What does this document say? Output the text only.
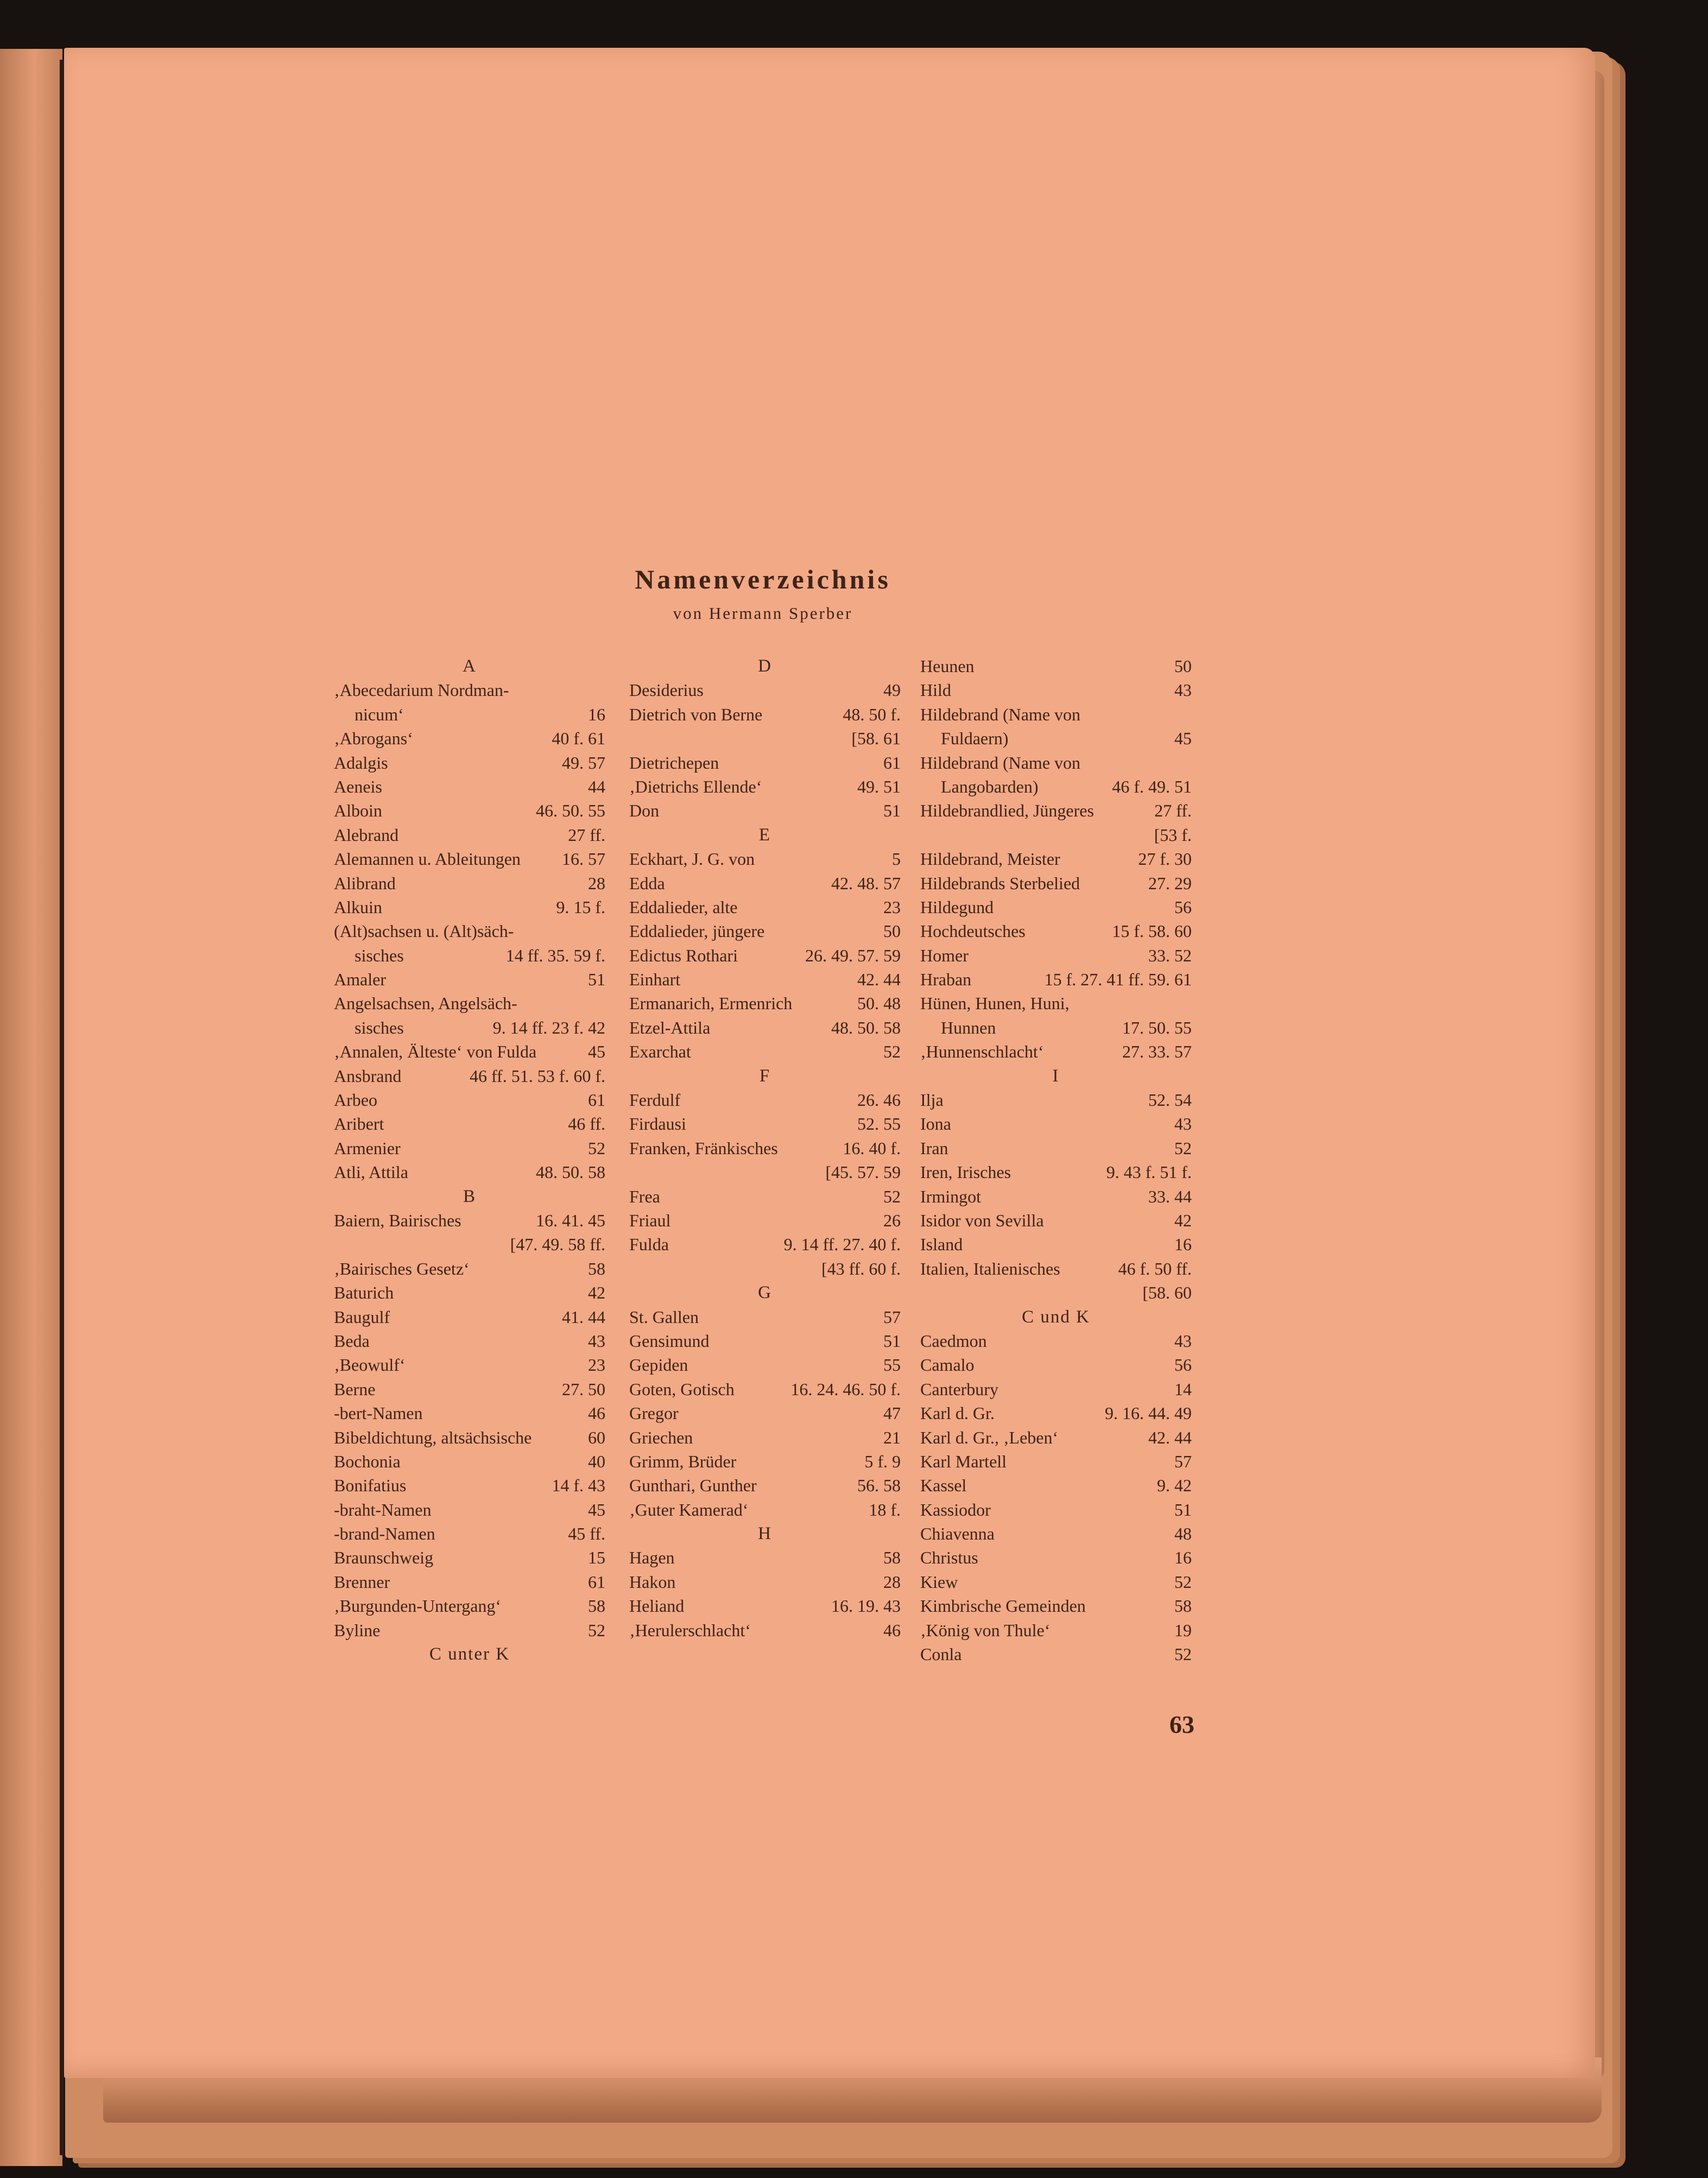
Namenverzeichnis
von Hermann Sperber
A
‚Abecedarium Nordman-
nicum‘	16
‚Abrogans‘	40 f. 61
Adalgis	49. 57
Aeneis	44
Alboin	46. 50. 55
Alebrand	27 ff.
Alemannen u. Ableitungen 16. 57
Alibrand	28
Alkuin	9. 15 f.
(Alt)sachsen u. (Alt)säch-
sisches	14 ff. 35. 59 f.
Amaler	51
Angelsachsen, Angelsäch-
sisches	9. 14 ff. 23 f. 42
‚Annalen, Älteste‘ von Fulda	45
Ansbrand	46 ff. 51. 53 f. 60 f.
Arbeo	61
Aribert	46 ff.
Armenier	52
Atli, Attila	48. 50. 58
B
Baiern, Bairisches	16. 41. 45
[47. 49. 58 ff.
‚Bairisches Gesetz‘	58
Baturich	42
Baugulf	41. 44
Beda	43
‚Beowulf‘	23
Berne	27. 50
-bert-Namen	46
Bibeldichtung, altsächsische	60
Bochonia	40
Bonifatius	14 f. 43
-braht-Namen	45
-brand-Namen	45 ff.
Braunschweig	15
Brenner	61
‚Burgunden-Untergang‘	58
Byline	52
C unter K
D
Desiderius	49
Dietrich von Berne	48. 50 f.
[58. 61
Dietrichepen	61
‚Dietrichs Ellende‘	49. 51
Don	51
E
Eckhart, J. G. von	5
Edda	42. 48. 57
Eddalieder, alte	23
Eddalieder, jüngere	50
Edictus Rothari	26. 49. 57. 59
Einhart	42. 44
Ermanarich, Ermenrich	50. 48
Etzel-Attila	48. 50. 58
Exarchat	52
F
Ferdulf	26. 46
Firdausi	52. 55
Franken, Fränkisches	16. 40 f.
[45. 57. 59
Frea	52
Friaul	26
Fulda	9. 14 ff. 27. 40 f.
[43 ff. 60 f.
G
St. Gallen	57
Gensimund	51
Gepiden	55
Goten, Gotisch	16. 24. 46. 50 f.
Gregor	47
Griechen	21
Grimm, Brüder	5 f. 9
Gunthari, Gunther	56. 58
‚Guter Kamerad‘	18 f.
H
Hagen	58
Hakon	28
Heliand	16. 19. 43
‚Herulerschlacht‘	46
Heunen	50
Hild	43
Hildebrand (Name von
Fuldaern)	45
Hildebrand (Name von
Langobarden)	46 f. 49. 51
Hildebrandlied, Jüngeres	27 ff.
[53 f.
Hildebrand, Meister	27 f. 30
Hildebrands Sterbelied	27. 29
Hildegund	56
Hochdeutsches	15 f. 58. 60
Homer	33. 52
Hraban	15 f. 27. 41 ff. 59. 61
Hünen, Hunen, Huni,
Hunnen	17. 50. 55
‚Hunnenschlacht‘	27. 33. 57
I
Ilja	52. 54
Iona	43
Iran	52
Iren, Irisches	9. 43 f. 51 f.
Irmingot	33. 44
Isidor von Sevilla	42
Island	16
Italien, Italienisches	46 f. 50 ff.
[58. 60
C und K
Caedmon	43
Camalo	56
Canterbury	14
Karl d. Gr.	9. 16. 44. 49
Karl d. Gr., ‚Leben‘	42. 44
Karl Martell	57
Kassel	9. 42
Kassiodor	51
Chiavenna	48
Christus	16
Kiew	52
Kimbrische Gemeinden	58
‚König von Thule‘	19
Conla	52
63
